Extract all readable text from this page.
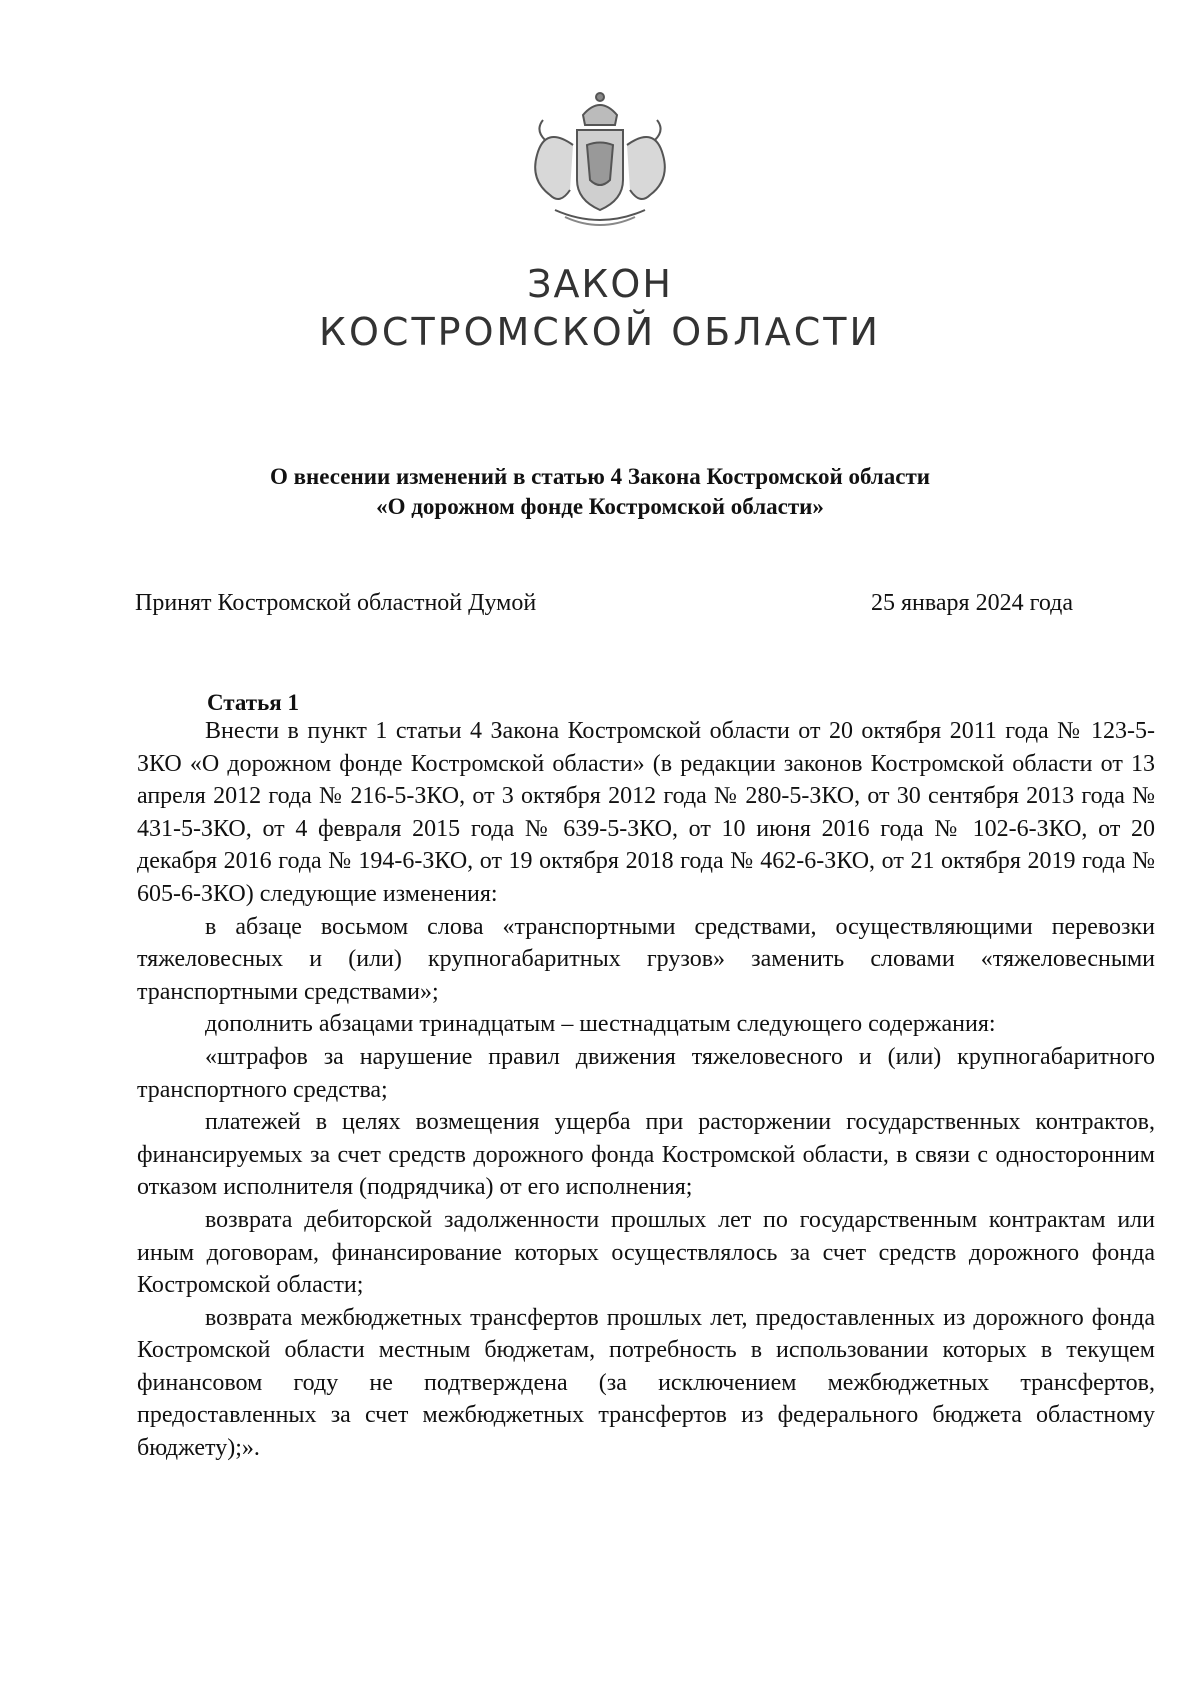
ЗАКОН
КОСТРОМСКОЙ ОБЛАСТИ
О внесении изменений в статью 4 Закона Костромской области
«О дорожном фонде Костромской области»
Принят Костромской областной Думой	25 января 2024 года
Статья 1

Внести в пункт 1 статьи 4 Закона Костромской области от 20 октября 2011 года № 123-5-ЗКО «О дорожном фонде Костромской области» (в редакции законов Костромской области от 13 апреля 2012 года № 216-5-ЗКО, от 3 октября 2012 года № 280-5-ЗКО, от 30 сентября 2013 года № 431-5-ЗКО, от 4 февраля 2015 года № 639-5-ЗКО, от 10 июня 2016 года № 102-6-ЗКО, от 20 декабря 2016 года № 194-6-ЗКО, от 19 октября 2018 года № 462-6-ЗКО, от 21 октября 2019 года № 605-6-ЗКО) следующие изменения:

в абзаце восьмом слова «транспортными средствами, осуществляющими перевозки тяжеловесных и (или) крупногабаритных грузов» заменить словами «тяжеловесными транспортными средствами»;

дополнить абзацами тринадцатым – шестнадцатым следующего содержания:

«штрафов за нарушение правил движения тяжеловесного и (или) крупногабаритного транспортного средства;

платежей в целях возмещения ущерба при расторжении государственных контрактов, финансируемых за счет средств дорожного фонда Костромской области, в связи с односторонним отказом исполнителя (подрядчика) от его исполнения;

возврата дебиторской задолженности прошлых лет по государственным контрактам или иным договорам, финансирование которых осуществлялось за счет средств дорожного фонда Костромской области;

возврата межбюджетных трансфертов прошлых лет, предоставленных из дорожного фонда Костромской области местным бюджетам, потребность в использовании которых в текущем финансовом году не подтверждена (за исключением межбюджетных трансфертов, предоставленных за счет межбюджетных трансфертов из федерального бюджета областному бюджету);».
